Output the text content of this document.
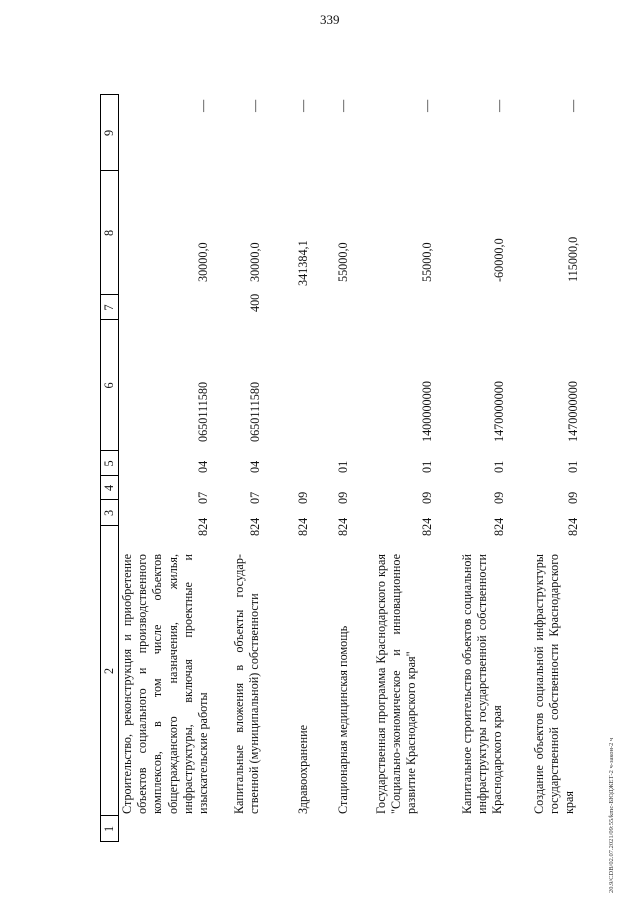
339
1
2
3
4
5
6
7
8
9
Строительство, реконструкция и приобретение объектов социального и производственного комплексов, в том числе объектов общегражданского назначения, жилья, инфраструктуры, включая проектные и изыскательские работы
824
07
04
0650111580
30000,0
—
Капитальные вложения в объекты государственной (муниципальной) собственности
824
07
04
0650111580
400
30000,0
—
Здравоохранение
824
09
341384,1
—
Стационарная медицинская помощь
824
09
01
55000,0
—
Государственная программа Краснодарского края "Социально-экономическое и инновационное развитие Краснодарского края"
824
09
01
1400000000
55000,0
—
Капитальное строительство объектов социальной инфраструктуры государственной собственности Краснодарского края
824
09
01
1470000000
-60000,0
—
Создание объектов социальной инфраструктуры государственной собственности Краснодарского края
824
09
01
1470000000
115000,0
—
20.9/CDB/02.07.2021/09:55/kmc-БЮДЖЕТ-2 ч-закон-2 ч
